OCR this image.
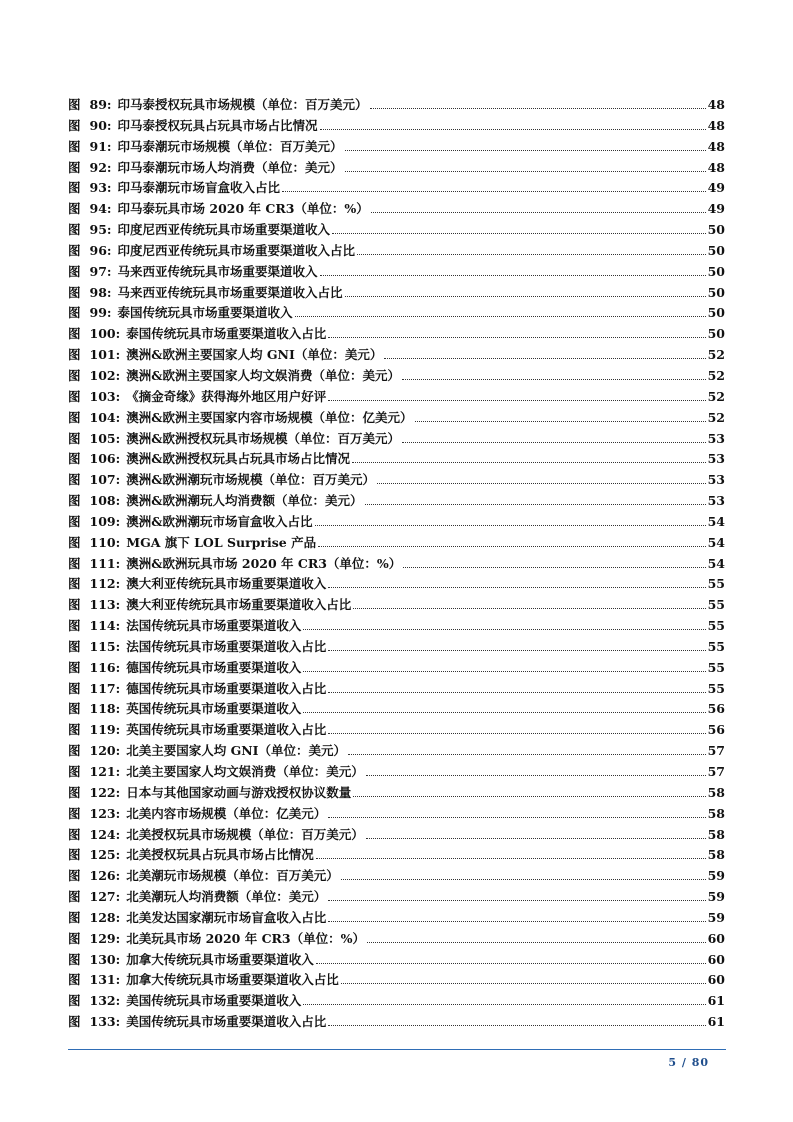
图 89: 印马泰授权玩具市场规模（单位：百万美元）	48
图 90: 印马泰授权玩具占玩具市场占比情况	48
图 91: 印马泰潮玩市场规模（单位：百万美元）	48
图 92: 印马泰潮玩市场人均消费（单位：美元）	48
图 93: 印马泰潮玩市场盲盒收入占比	49
图 94: 印马泰玩具市场 2020 年 CR3（单位：%）	49
图 95: 印度尼西亚传统玩具市场重要渠道收入	50
图 96: 印度尼西亚传统玩具市场重要渠道收入占比	50
图 97: 马来西亚传统玩具市场重要渠道收入	50
图 98: 马来西亚传统玩具市场重要渠道收入占比	50
图 99: 泰国传统玩具市场重要渠道收入	50
图 100: 泰国传统玩具市场重要渠道收入占比	50
图 101: 澳洲&欧洲主要国家人均 GNI（单位：美元）	52
图 102: 澳洲&欧洲主要国家人均文娱消费（单位：美元）	52
图 103: 《摘金奇缘》获得海外地区用户好评	52
图 104: 澳洲&欧洲主要国家内容市场规模（单位：亿美元）	52
图 105: 澳洲&欧洲授权玩具市场规模（单位：百万美元）	53
图 106: 澳洲&欧洲授权玩具占玩具市场占比情况	53
图 107: 澳洲&欧洲潮玩市场规模（单位：百万美元）	53
图 108: 澳洲&欧洲潮玩人均消费额（单位：美元）	53
图 109: 澳洲&欧洲潮玩市场盲盒收入占比	54
图 110: MGA 旗下 LOL Surprise 产品	54
图 111: 澳洲&欧洲玩具市场 2020 年 CR3（单位：%）	54
图 112: 澳大利亚传统玩具市场重要渠道收入	55
图 113: 澳大利亚传统玩具市场重要渠道收入占比	55
图 114: 法国传统玩具市场重要渠道收入	55
图 115: 法国传统玩具市场重要渠道收入占比	55
图 116: 德国传统玩具市场重要渠道收入	55
图 117: 德国传统玩具市场重要渠道收入占比	55
图 118: 英国传统玩具市场重要渠道收入	56
图 119: 英国传统玩具市场重要渠道收入占比	56
图 120: 北美主要国家人均 GNI（单位：美元）	57
图 121: 北美主要国家人均文娱消费（单位：美元）	57
图 122: 日本与其他国家动画与游戏授权协议数量	58
图 123: 北美内容市场规模（单位：亿美元）	58
图 124: 北美授权玩具市场规模（单位：百万美元）	58
图 125: 北美授权玩具占玩具市场占比情况	58
图 126: 北美潮玩市场规模（单位：百万美元）	59
图 127: 北美潮玩人均消费额（单位：美元）	59
图 128: 北美发达国家潮玩市场盲盒收入占比	59
图 129: 北美玩具市场 2020 年 CR3（单位：%）	60
图 130: 加拿大传统玩具市场重要渠道收入	60
图 131: 加拿大传统玩具市场重要渠道收入占比	60
图 132: 美国传统玩具市场重要渠道收入	61
图 133: 美国传统玩具市场重要渠道收入占比	61
5 / 80
